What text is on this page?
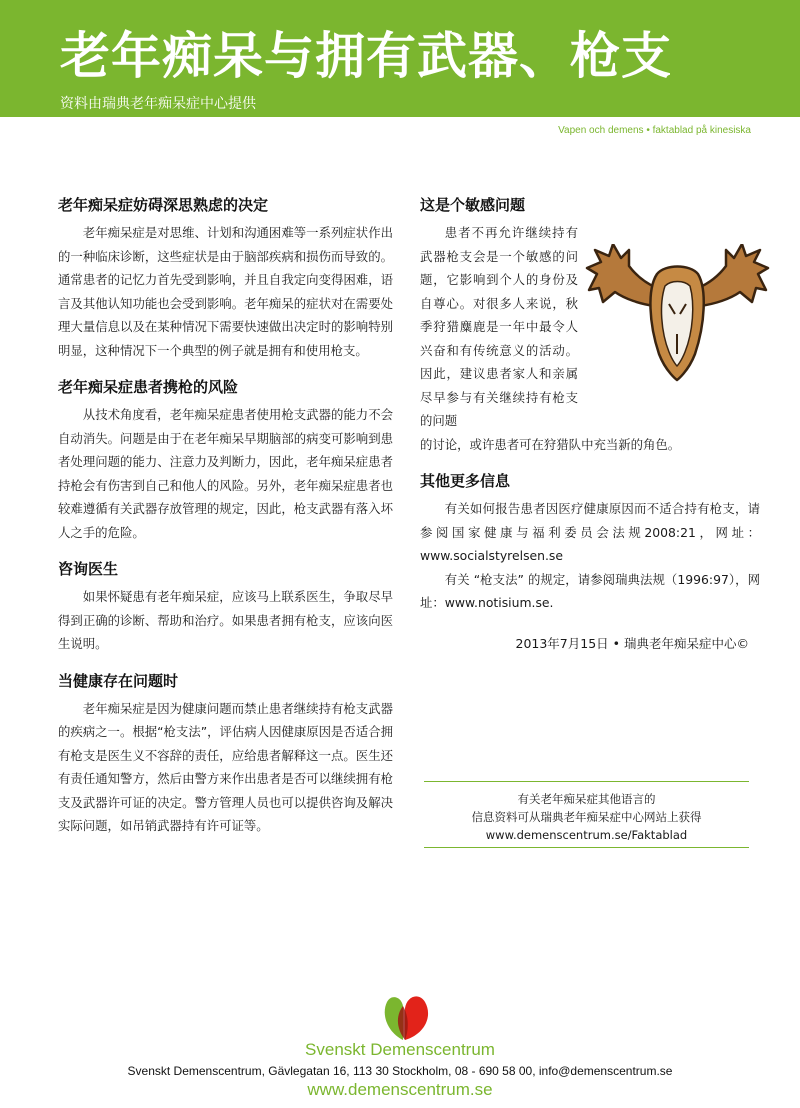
老年痴呆与拥有武器、枪支
资料由瑞典老年痴呆症中心提供
Vapen och demens • faktablad på kinesiska
老年痴呆症妨碍深思熟虑的决定

老年痴呆症是对思维、计划和沟通困难等一系列症状作出的一种临床诊断，这些症状是由于脑部疾病和损伤而导致的。通常患者的记忆力首先受到影响，并且自我定向变得困难，语言及其他认知功能也会受到影响。老年痴呆的症状对在需要处理大量信息以及在某种情况下需要快速做出决定时的影响特别明显，这种情况下一个典型的例子就是拥有和使用枪支。

老年痴呆症患者携枪的风险

从技术角度看，老年痴呆症患者使用枪支武器的能力不会自动消失。问题是由于在老年痴呆早期脑部的病变可影响到患者处理问题的能力、注意力及判断力，因此，老年痴呆症患者持枪会有伤害到自己和他人的风险。另外，老年痴呆症患者也较难遵循有关武器存放管理的规定，因此，枪支武器有落入坏人之手的危险。

咨询医生

如果怀疑患有老年痴呆症，应该马上联系医生，争取尽早得到正确的诊断、帮助和治疗。如果患者拥有枪支，应该向医生说明。

当健康存在问题时

老年痴呆症是因为健康问题而禁止患者继续持有枪支武器的疾病之一。根据“枪支法”，评估病人因健康原因是否适合拥有枪支是医生义不容辞的责任，应给患者解释这一点。医生还有责任通知警方，然后由警方来作出患者是否可以继续拥有枪支及武器许可证的决定。警方管理人员也可以提供咨询及解决实际问题，如吊销武器持有许可证等。

这是个敏感问题

患者不再允许继续持有武器枪支会是一个敏感的问题，它影响到个人的身份及自尊心。对很多人来说，秋季狩猎麋鹿是一年中最令人兴奋和有传统意义的活动。因此，建议患者家人和亲属尽早参与有关继续持有枪支的问题

的讨论，或许患者可在狩猎队中充当新的角色。
其他更多信息

有关如何报告患者因医疗健康原因而不适合持有枪支，请参阅国家健康与福利委员会法规2008:21，网址：www.socialstyrelsen.se

有关 “枪支法” 的规定，请参阅瑞典法规（1996:97），网址：www.notisium.se.

2013年7月15日 • 瑞典老年痴呆症中心©
有关老年痴呆症其他语言的
信息资料可从瑞典老年痴呆症中心网站上获得
www.demenscentrum.se/Faktablad
Svenskt Demenscentrum
Svenskt Demenscentrum, Gävlegatan 16, 113 30 Stockholm, 08 - 690 58 00, info@demenscentrum.se
www.demenscentrum.se
